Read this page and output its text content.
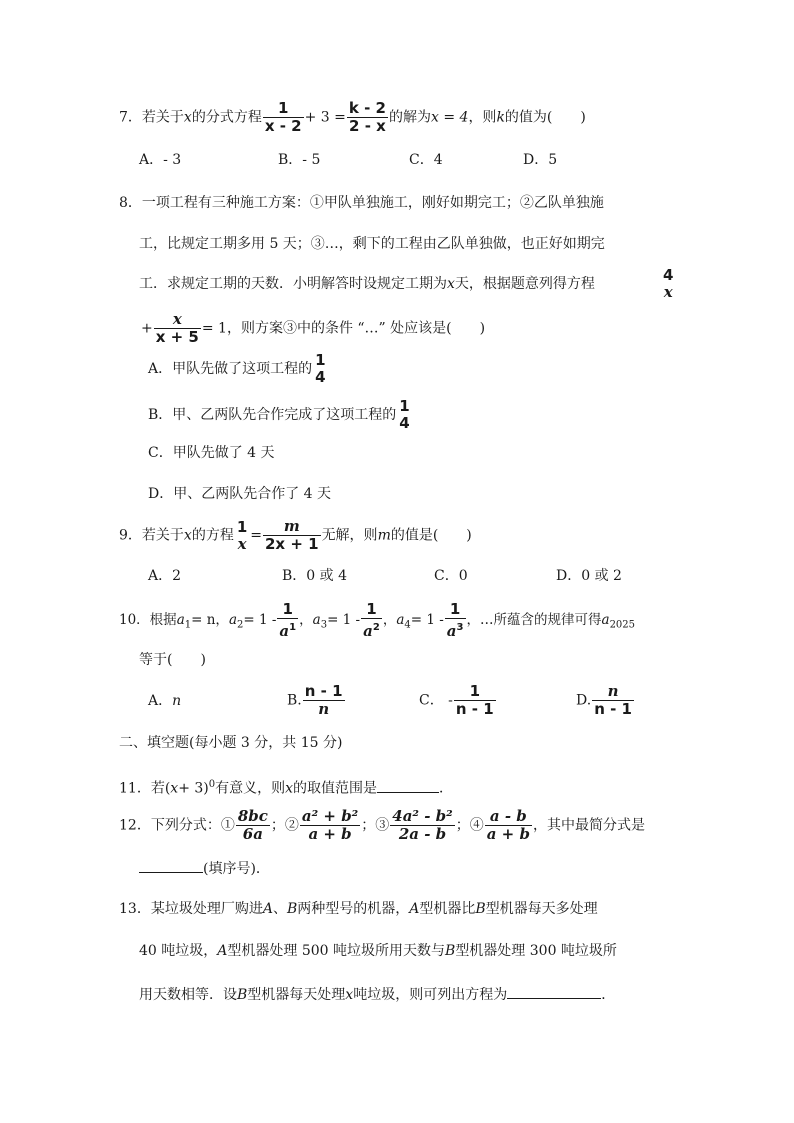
7．若关于x的分式方程 $\frac{1}{x - 2} + 3 = \frac{k - 2}{2 - x}$ 的解为x = 4，则k的值为(　　)
A．- 3	B．- 5	C．4	D．5
8．一项工程有三种施工方案：①甲队单独施工，刚好如期完工；②乙队单独施
工，比规定工期多用 5 天；③…，剩下的工程由乙队单独做，也正好如期完
工．求规定工期的天数．小明解答时设规定工期为x天，根据题意列得方程	4
x
+ $\frac{x}{x + 5} = 1$，则方案③中的条件 “…” 处应该是(　　)
A．甲队先做了这项工程的 1
4
B．甲、乙两队先合作完成了这项工程的 1
4
C．甲队先做了 4 天
D．甲、乙两队先合作了 4 天
9．若关于x的方程 1
$x = \frac{m}{2x + 1}$ 无解，则m的值是(　　)
A．2	B．0 或 4	C．0	D．0 或 2
10．根据$a_1= n$，$a_2= 1 - \frac{1}{a^1}$ ，$a_3= 1 - \frac{1}{a^2}$ ，$a_4= 1 - \frac{1}{a^3}$ ，…所蕴含的规律可得$a_{2025}$
等于(　　)
A．n	B. $\frac{n - 1}{n}$	C． - $\frac{1}{n - 1}$	D. $\frac{n}{n - 1}$
二、填空题(每小题 3 分，共 15 分)
11．若$(x+ 3)^0$有意义，则x的取值范围是	．
12．下列分式：① $\frac{8bc}{6a}$ ；② $\frac{\text{a² + b²}}{a + b}$ ；③ $\frac{\text{4a² - b²}}{2a - b}$ ；④ $\frac{a - b}{a + b}$ ，其中最简分式是
(填序号)．
13．某垃圾处理厂购进A、B两种型号的机器，A型机器比B型机器每天多处理
40 吨垃圾，A型机器处理 500 吨垃圾所用天数与B型机器处理 300 吨垃圾所
用天数相等．设B型机器每天处理x吨垃圾，则可列出方程为	．
